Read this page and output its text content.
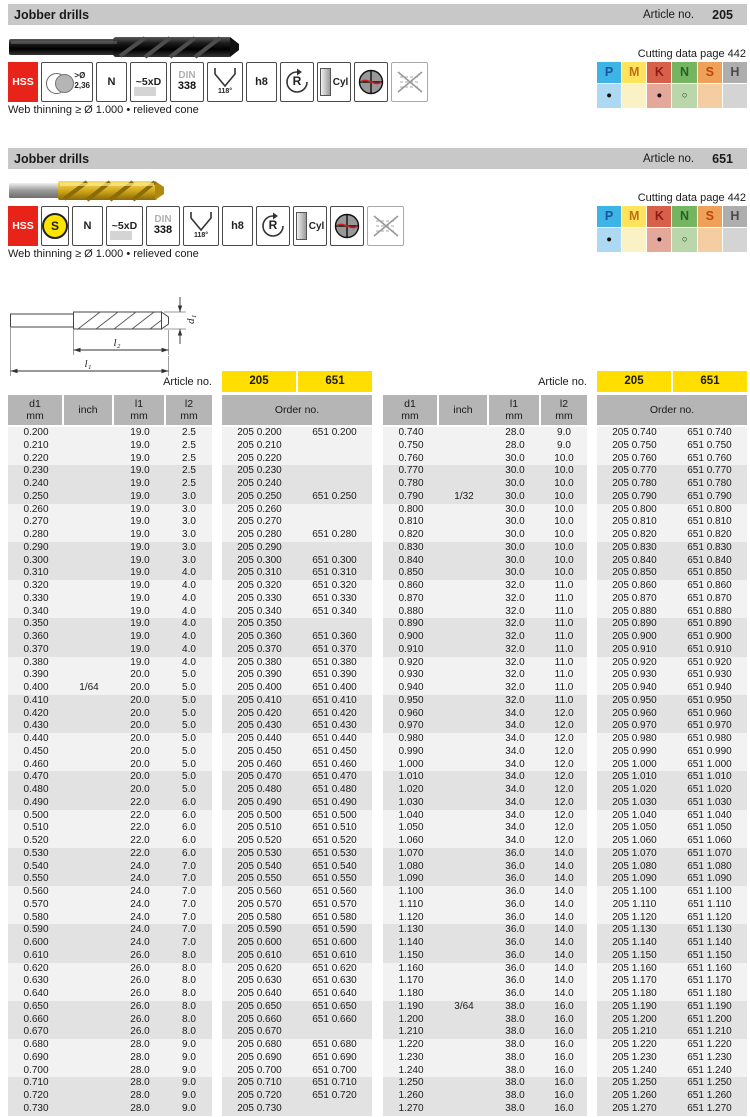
Jobber drills	Article no. 205
Cutting data page 442
HSS
>Ø
2,36	N	~5xD
DIN
338	118°
h8	R	Cyl
P	M	K	N	S	H
●	●	○
Web thinning ≥ Ø 1.000 • relieved cone
Jobber drills	Article no. 651
Cutting data page 442
HSS	S	N	~5xD
DIN
338	118°
h8	R	Cyl
P	M	K	N	S	H
●	●	○
Web thinning ≥ Ø 1.000 • relieved cone
d₁
l₂
l₁
Article no.	205	651
d1
mm
inch
l1
mm
l2
mm	Order no.
0.200	19.0	2.5	205 0.200	651 0.200
0.210	19.0	2.5	205 0.210
0.220	19.0	2.5	205 0.220
0.230	19.0	2.5	205 0.230
0.240	19.0	2.5	205 0.240
0.250	19.0	3.0	205 0.250	651 0.250
0.260	19.0	3.0	205 0.260
0.270	19.0	3.0	205 0.270
0.280	19.0	3.0	205 0.280	651 0.280
0.290	19.0	3.0	205 0.290
0.300	19.0	3.0	205 0.300	651 0.300
0.310	19.0	4.0	205 0.310	651 0.310
0.320	19.0	4.0	205 0.320	651 0.320
0.330	19.0	4.0	205 0.330	651 0.330
0.340	19.0	4.0	205 0.340	651 0.340
0.350	19.0	4.0	205 0.350
0.360	19.0	4.0	205 0.360	651 0.360
0.370	19.0	4.0	205 0.370	651 0.370
0.380	19.0	4.0	205 0.380	651 0.380
0.390	20.0	5.0	205 0.390	651 0.390
0.400	1/64	20.0	5.0	205 0.400	651 0.400
0.410	20.0	5.0	205 0.410	651 0.410
0.420	20.0	5.0	205 0.420	651 0.420
0.430	20.0	5.0	205 0.430	651 0.430
0.440	20.0	5.0	205 0.440	651 0.440
0.450	20.0	5.0	205 0.450	651 0.450
0.460	20.0	5.0	205 0.460	651 0.460
0.470	20.0	5.0	205 0.470	651 0.470
0.480	20.0	5.0	205 0.480	651 0.480
0.490	22.0	6.0	205 0.490	651 0.490
0.500	22.0	6.0	205 0.500	651 0.500
0.510	22.0	6.0	205 0.510	651 0.510
0.520	22.0	6.0	205 0.520	651 0.520
0.530	22.0	6.0	205 0.530	651 0.530
0.540	24.0	7.0	205 0.540	651 0.540
0.550	24.0	7.0	205 0.550	651 0.550
0.560	24.0	7.0	205 0.560	651 0.560
0.570	24.0	7.0	205 0.570	651 0.570
0.580	24.0	7.0	205 0.580	651 0.580
0.590	24.0	7.0	205 0.590	651 0.590
0.600	24.0	7.0	205 0.600	651 0.600
0.610	26.0	8.0	205 0.610	651 0.610
0.620	26.0	8.0	205 0.620	651 0.620
0.630	26.0	8.0	205 0.630	651 0.630
0.640	26.0	8.0	205 0.640	651 0.640
0.650	26.0	8.0	205 0.650	651 0.650
0.660	26.0	8.0	205 0.660	651 0.660
0.670	26.0	8.0	205 0.670
0.680	28.0	9.0	205 0.680	651 0.680
0.690	28.0	9.0	205 0.690	651 0.690
0.700	28.0	9.0	205 0.700	651 0.700
0.710	28.0	9.0	205 0.710	651 0.710
0.720	28.0	9.0	205 0.720	651 0.720
0.730	28.0	9.0	205 0.730
Article no.	205	651
d1
mm
inch
l1
mm
l2
mm	Order no.
0.740	28.0	9.0	205 0.740	651 0.740
0.750	28.0	9.0	205 0.750	651 0.750
0.760	30.0	10.0	205 0.760	651 0.760
0.770	30.0	10.0	205 0.770	651 0.770
0.780	30.0	10.0	205 0.780	651 0.780
0.790	1/32	30.0	10.0	205 0.790	651 0.790
0.800	30.0	10.0	205 0.800	651 0.800
0.810	30.0	10.0	205 0.810	651 0.810
0.820	30.0	10.0	205 0.820	651 0.820
0.830	30.0	10.0	205 0.830	651 0.830
0.840	30.0	10.0	205 0.840	651 0.840
0.850	30.0	10.0	205 0.850	651 0.850
0.860	32.0	11.0	205 0.860	651 0.860
0.870	32.0	11.0	205 0.870	651 0.870
0.880	32.0	11.0	205 0.880	651 0.880
0.890	32.0	11.0	205 0.890	651 0.890
0.900	32.0	11.0	205 0.900	651 0.900
0.910	32.0	11.0	205 0.910	651 0.910
0.920	32.0	11.0	205 0.920	651 0.920
0.930	32.0	11.0	205 0.930	651 0.930
0.940	32.0	11.0	205 0.940	651 0.940
0.950	32.0	11.0	205 0.950	651 0.950
0.960	34.0	12.0	205 0.960	651 0.960
0.970	34.0	12.0	205 0.970	651 0.970
0.980	34.0	12.0	205 0.980	651 0.980
0.990	34.0	12.0	205 0.990	651 0.990
1.000	34.0	12.0	205 1.000	651 1.000
1.010	34.0	12.0	205 1.010	651 1.010
1.020	34.0	12.0	205 1.020	651 1.020
1.030	34.0	12.0	205 1.030	651 1.030
1.040	34.0	12.0	205 1.040	651 1.040
1.050	34.0	12.0	205 1.050	651 1.050
1.060	34.0	12.0	205 1.060	651 1.060
1.070	36.0	14.0	205 1.070	651 1.070
1.080	36.0	14.0	205 1.080	651 1.080
1.090	36.0	14.0	205 1.090	651 1.090
1.100	36.0	14.0	205 1.100	651 1.100
1.110	36.0	14.0	205 1.110	651 1.110
1.120	36.0	14.0	205 1.120	651 1.120
1.130	36.0	14.0	205 1.130	651 1.130
1.140	36.0	14.0	205 1.140	651 1.140
1.150	36.0	14.0	205 1.150	651 1.150
1.160	36.0	14.0	205 1.160	651 1.160
1.170	36.0	14.0	205 1.170	651 1.170
1.180	36.0	14.0	205 1.180	651 1.180
1.190	3/64	38.0	16.0	205 1.190	651 1.190
1.200	38.0	16.0	205 1.200	651 1.200
1.210	38.0	16.0	205 1.210	651 1.210
1.220	38.0	16.0	205 1.220	651 1.220
1.230	38.0	16.0	205 1.230	651 1.230
1.240	38.0	16.0	205 1.240	651 1.240
1.250	38.0	16.0	205 1.250	651 1.250
1.260	38.0	16.0	205 1.260	651 1.260
1.270	38.0	16.0	205 1.270	651 1.270
